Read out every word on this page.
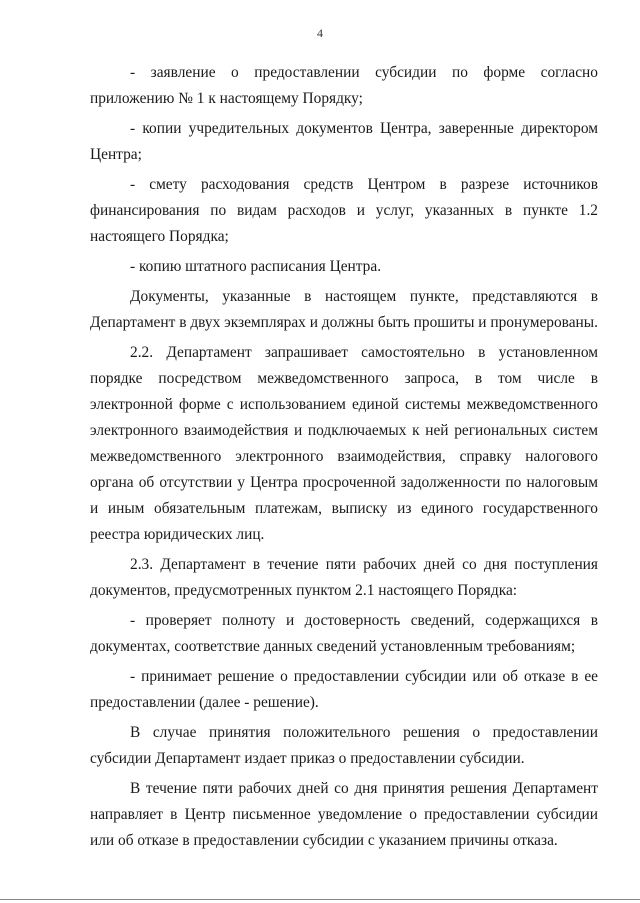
4

- заявление о предоставлении субсидии по форме согласно приложению № 1 к настоящему Порядку;

- копии учредительных документов Центра, заверенные директором Центра;

- смету расходования средств Центром в разрезе источников финансирования по видам расходов и услуг, указанных в пункте 1.2 настоящего Порядка;

- копию штатного расписания Центра.

Документы, указанные в настоящем пункте, представляются в Департамент в двух экземплярах и должны быть прошиты и пронумерованы.

2.2. Департамент запрашивает самостоятельно в установленном порядке посредством межведомственного запроса, в том числе в электронной форме с использованием единой системы межведомственного электронного взаимодействия и подключаемых к ней региональных систем межведомственного электронного взаимодействия, справку налогового органа об отсутствии у Центра просроченной задолженности по налоговым и иным обязательным платежам, выписку из единого государственного реестра юридических лиц.

2.3. Департамент в течение пяти рабочих дней со дня поступления документов, предусмотренных пунктом 2.1 настоящего Порядка:

- проверяет полноту и достоверность сведений, содержащихся в документах, соответствие данных сведений установленным требованиям;

- принимает решение о предоставлении субсидии или об отказе в ее предоставлении (далее - решение).

В случае принятия положительного решения о предоставлении субсидии Департамент издает приказ о предоставлении субсидии.

В течение пяти рабочих дней со дня принятия решения Департамент направляет в Центр письменное уведомление о предоставлении субсидии или об отказе в предоставлении субсидии с указанием причины отказа.
